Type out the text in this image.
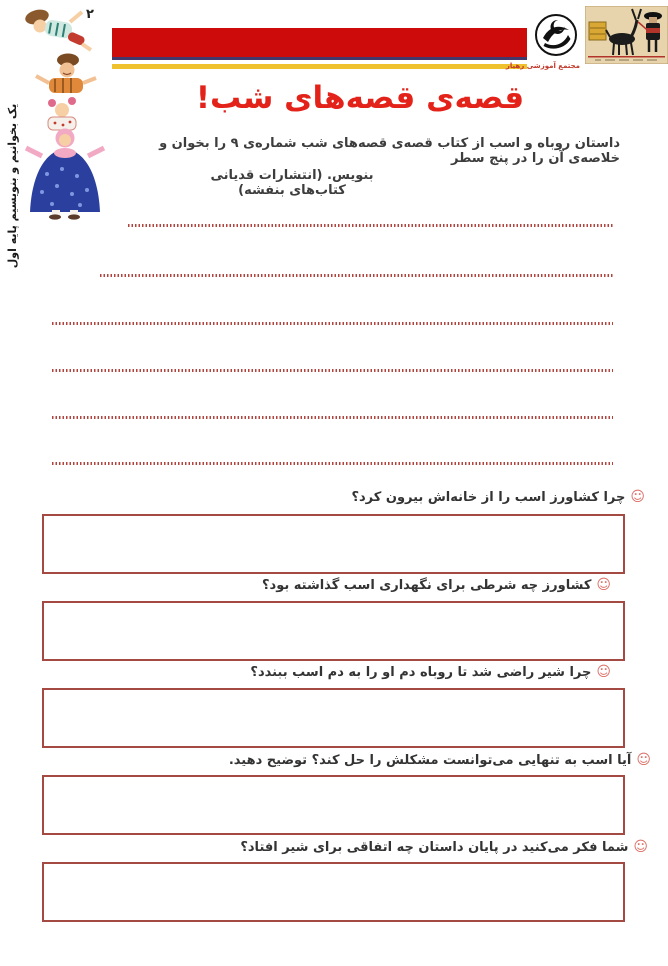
۲
مجتمع آموزشی رهیار
یک بخوانیم و بنویسیم پایه اول
قصه‌ی قصه‌های شب!
داستان روباه و اسب از کتاب قصه‌ی قصه‌های شب شماره‌ی ۹ را بخوان و خلاصه‌ی آن را در پنج سطر
بنویس. (انتشارات قدیانی کتاب‌های بنفشه)
☺چرا کشاورز اسب را از خانه‌اش بیرون کرد؟
☺کشاورز چه شرطی برای نگهداری اسب گذاشته بود؟
☺چرا شیر راضی شد تا روباه دم او را به دم اسب ببندد؟
☺آیا اسب به تنهایی می‌توانست مشکلش را حل کند؟ توضیح دهید.
☺شما فکر می‌کنید در پایان داستان چه اتفاقی برای شیر افتاد؟
